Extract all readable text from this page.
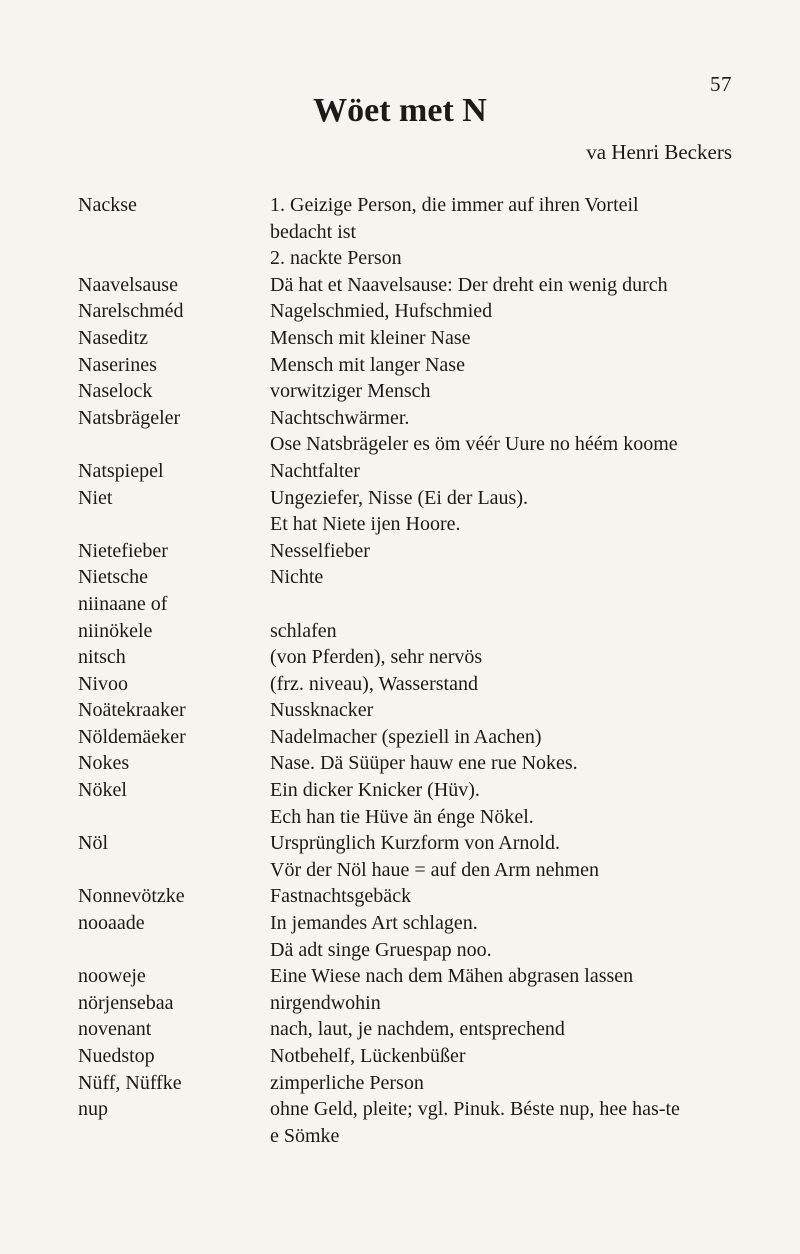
57
Wöet met N
va Henri Beckers
Nackse	1. Geizige Person, die immer auf ihren Vorteil
bedacht ist
2. nackte Person
Naavelsause	Dä hat et Naavelsause: Der dreht ein wenig durch
Narelschméd	Nagelschmied, Hufschmied
Naseditz	Mensch mit kleiner Nase
Naserines	Mensch mit langer Nase
Naselock	vorwitziger Mensch
Natsbrägeler	Nachtschwärmer.
Ose Natsbrägeler es öm véér Uure no héém koome
Natspiepel	Nachtfalter
Niet	Ungeziefer, Nisse (Ei der Laus).
Et hat Niete ijen Hoore.
Nietefieber	Nesselfieber
Nietsche	Nichte
niinaane of
niinökele	schlafen
nitsch	(von Pferden), sehr nervös
Nivoo	(frz. niveau), Wasserstand
Noätekraaker	Nussknacker
Nöldemäeker	Nadelmacher (speziell in Aachen)
Nokes	Nase. Dä Süüper hauw ene rue Nokes.
Nökel	Ein dicker Knicker (Hüv).
Ech han tie Hüve än énge Nökel.
Nöl	Ursprünglich Kurzform von Arnold.
Vör der Nöl haue = auf den Arm nehmen
Nonnevötzke	Fastnachtsgebäck
nooaade	In jemandes Art schlagen.
Dä adt singe Gruespap noo.
nooweje	Eine Wiese nach dem Mähen abgrasen lassen
nörjensebaa	nirgendwohin
novenant	nach, laut, je nachdem, entsprechend
Nuedstop	Notbehelf, Lückenbüßer
Nüff, Nüffke	zimperliche Person
nup	ohne Geld, pleite; vgl. Pinuk. Béste nup, hee has-te
e Sömke
